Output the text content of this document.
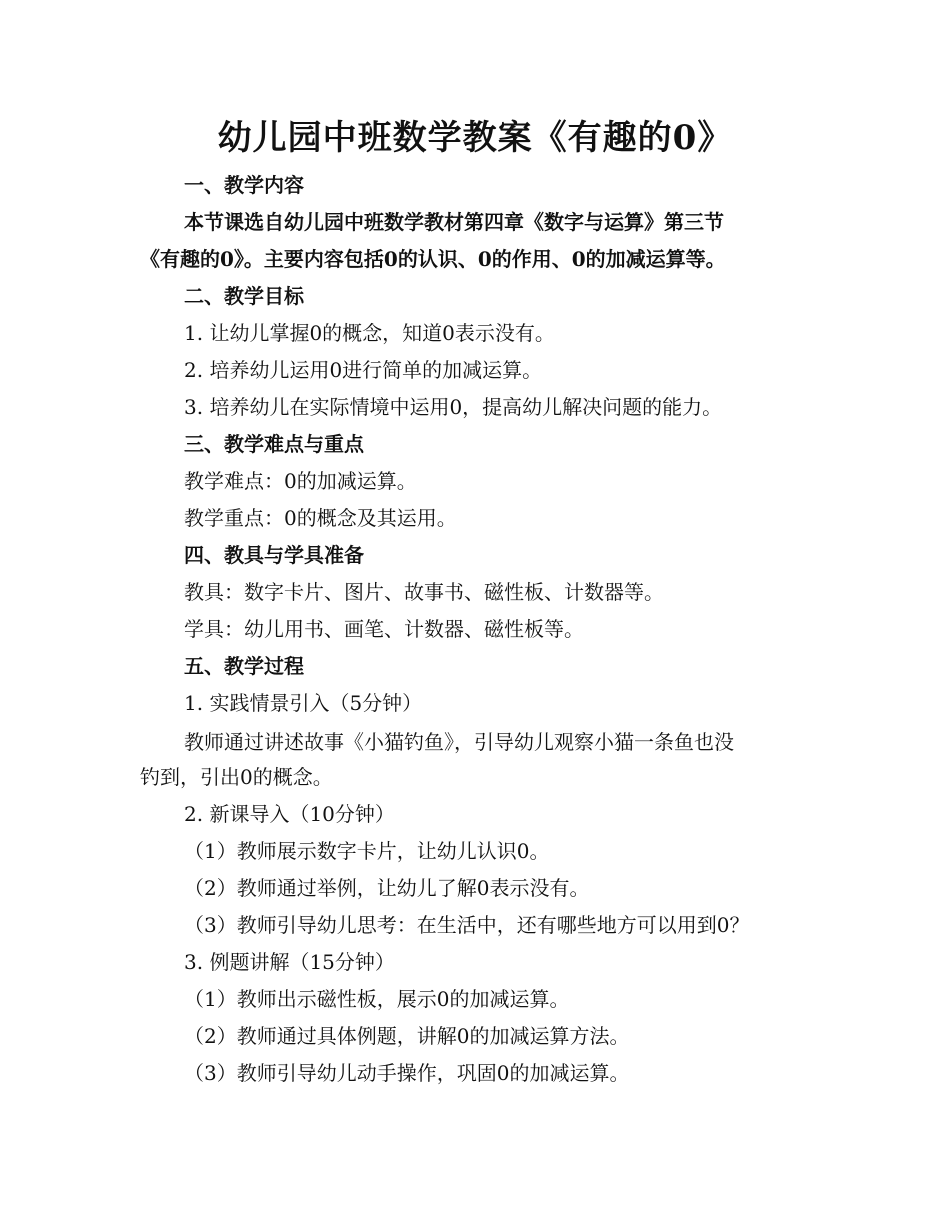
幼儿园中班数学教案《有趣的0》

一、教学内容

本节课选自幼儿园中班数学教材第四章《数字与运算》第三节

《有趣的0》。主要内容包括0的认识、0的作用、0的加减运算等。

二、教学目标

1. 让幼儿掌握0的概念，知道0表示没有。

2. 培养幼儿运用0进行简单的加减运算。

3. 培养幼儿在实际情境中运用0，提高幼儿解决问题的能力。

三、教学难点与重点

教学难点：0的加减运算。

教学重点：0的概念及其运用。

四、教具与学具准备

教具：数字卡片、图片、故事书、磁性板、计数器等。

学具：幼儿用书、画笔、计数器、磁性板等。

五、教学过程

1. 实践情景引入（5分钟）

教师通过讲述故事《小猫钓鱼》，引导幼儿观察小猫一条鱼也没

钓到，引出0的概念。

2. 新课导入（10分钟）

（1）教师展示数字卡片，让幼儿认识0。

（2）教师通过举例，让幼儿了解0表示没有。

（3）教师引导幼儿思考：在生活中，还有哪些地方可以用到0？

3. 例题讲解（15分钟）

（1）教师出示磁性板，展示0的加减运算。

（2）教师通过具体例题，讲解0的加减运算方法。

（3）教师引导幼儿动手操作，巩固0的加减运算。
